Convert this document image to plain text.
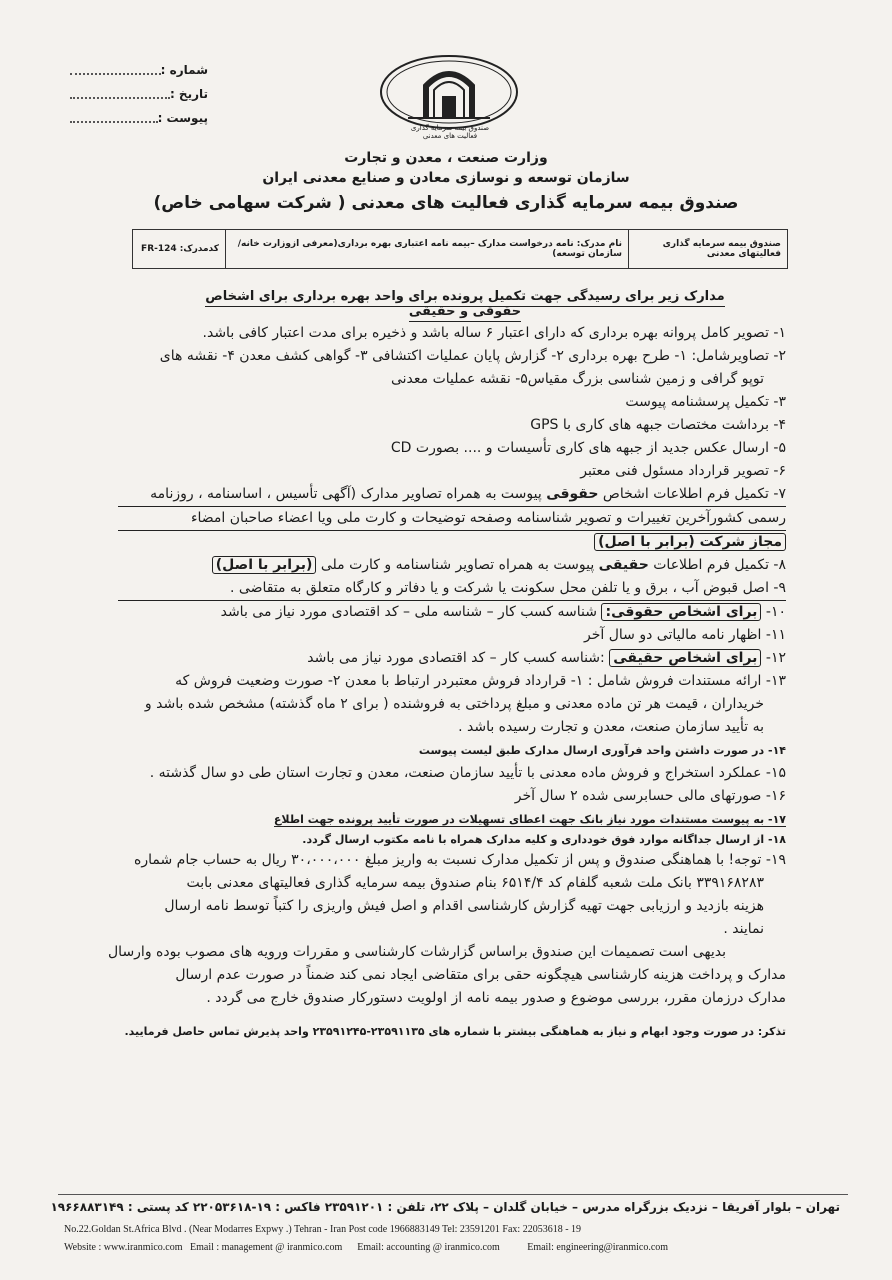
شماره :
تاریخ :
پیوست :
صندوق بیمه سرمایه گذاری فعالیت های معدنی
وزارت صنعت ، معدن و تجارت
سازمان توسعه و نوسازی معادن و صنایع معدنی ایران
صندوق بیمه سرمایه گذاری فعالیت های معدنی ( شرکت سهامی خاص)
صندوق بیمه سرمایه گذاری فعالیتهای معدنی
نام مدرک: نامه درخواست مدارک –بیمه نامه اعتباری بهره برداری(معرفی ازوزارت خانه/سازمان توسعه)
کدمدرک: FR-124
مدارک زیر برای رسیدگی جهت تکمیل پرونده برای واحد بهره برداری برای اشخاص حقوقی و حقیقی
۱- تصویر کامل پروانه بهره برداری که دارای اعتبار ۶ ساله باشد و ذخیره برای مدت اعتبار کافی باشد.
۲- تصاویرشامل: ۱- طرح بهره برداری ۲- گزارش پایان عملیات اکتشافی ۳- گواهی کشف معدن ۴- نقشه های
توپو گرافی و زمین شناسی بزرگ مقیاس۵- نقشه عملیات معدنی
۳- تکمیل پرسشنامه پیوست
۴- برداشت مختصات جبهه های کاری با GPS
۵- ارسال عکس جدید از جبهه های کاری تأسیسات و .... بصورت CD
۶- تصویر قرارداد مسئول فنی معتبر
۷- تکمیل فرم اطلاعات اشخاص حقوقی پیوست به همراه تصاویر مدارک (آگهی تأسیس ، اساسنامه ، روزنامه
رسمی کشورآخرین تغییرات و تصویر شناسنامه وصفحه توضیحات و کارت ملی ویا اعضاء صاحبان امضاء
مجاز شرکت (برابر با اصل)
۸- تکمیل فرم اطلاعات حقیقی پیوست به همراه تصاویر شناسنامه و کارت ملی (برابر با اصل)
۹- اصل قبوض آب ، برق و یا تلفن محل سکونت یا شرکت و یا دفاتر و کارگاه متعلق به متقاضی .
۱۰- برای اشخاص حقوقی: شناسه کسب کار – شناسه ملی – کد اقتصادی مورد نیاز می باشد
۱۱- اظهار نامه مالیاتی دو سال آخر
۱۲- برای اشخاص حقیقی :شناسه کسب کار – کد اقتصادی مورد نیاز می باشد
۱۳- ارائه مستندات فروش شامل : ۱- قرارداد فروش معتبردر ارتباط با معدن ۲- صورت وضعیت فروش که
خریداران ، قیمت هر تن ماده معدنی و مبلغ پرداختی به فروشنده ( برای ۲ ماه گذشته) مشخص شده باشد و
به تأیید سازمان صنعت، معدن و تجارت رسیده باشد .
۱۴- در صورت داشتن واحد فرآوری ارسال مدارک طبق لیست پیوست
۱۵- عملکرد استخراج و فروش ماده معدنی با تأیید سازمان صنعت، معدن و تجارت استان طی دو سال گذشته .
۱۶- صورتهای مالی حسابرسی شده ۲ سال آخر
۱۷- به پیوست مستندات مورد نیاز بانک جهت اعطای تسهیلات در صورت تأیید پرونده جهت اطلاع
۱۸- از ارسال جداگانه موارد فوق خودداری و کلیه مدارک همراه با نامه مکتوب ارسال گردد.
۱۹- توجه! با هماهنگی صندوق و پس از تکمیل مدارک نسبت به واریز مبلغ ۳۰،۰۰۰،۰۰۰ ریال به حساب جام شماره
۳۳۹۱۶۸۲۸۳ بانک ملت شعبه گلفام کد ۶۵۱۴/۴ بنام صندوق بیمه سرمایه گذاری فعالیتهای معدنی بابت
هزینه بازدید و ارزیابی جهت تهیه گزارش کارشناسی اقدام و اصل فیش واریزی را کتباً توسط نامه ارسال
نمایند .
بدیهی است تصمیمات این صندوق براساس گزارشات کارشناسی و مقررات ورویه های مصوب بوده وارسال
مدارک و پرداخت هزینه کارشناسی هیچگونه حقی برای متقاضی ایجاد نمی کند ضمناً در صورت عدم ارسال
مدارک درزمان مقرر، بررسی موضوع و صدور بیمه نامه از اولویت دستورکار صندوق خارج می گردد .
تذکر: در صورت وجود ابهام و نیاز به هماهنگی بیشتر با شماره های ۲۳۵۹۱۱۳۵-۲۳۵۹۱۲۴۵ واحد پذیرش تماس حاصل فرمایید.
تهران – بلوار آفریقا – نزدیک بزرگراه مدرس – خیابان گلدان – پلاک ۲۲، تلفن : ۲۳۵۹۱۲۰۱ فاکس : ۱۹-۲۲۰۵۳۶۱۸ کد پستی : ۱۹۶۶۸۸۳۱۴۹
No.22.Goldan St.Africa Blvd . (Near Modarres Expwy .) Tehran - Iran Post code 1966883149 Tel: 23591201 Fax: 22053618 - 19
Website : www.iranmico.com Email : management @ iranmico.com Email: accounting @ iranmico.com	Email: engineering@iranmico.com
